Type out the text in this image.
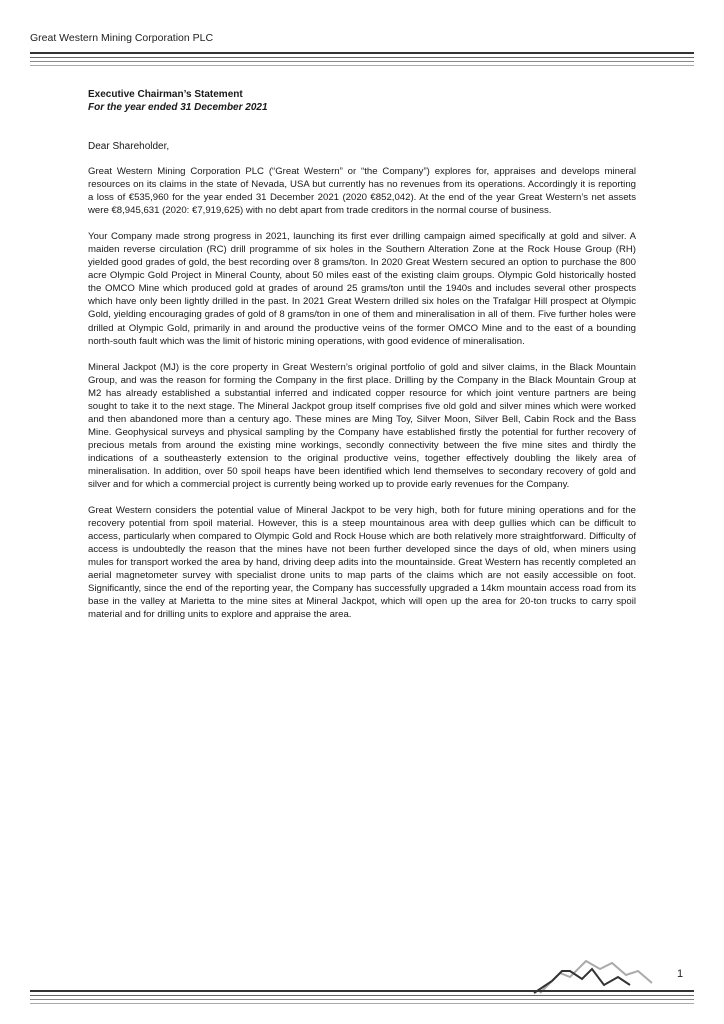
Great Western Mining Corporation PLC
Executive Chairman’s Statement
For the year ended 31 December 2021
Dear Shareholder,

Great Western Mining Corporation PLC (“Great Western” or “the Company”) explores for, appraises and develops mineral resources on its claims in the state of Nevada, USA but currently has no revenues from its operations. Accordingly it is reporting a loss of €535,960 for the year ended 31 December 2021 (2020 €852,042). At the end of the year Great Western’s net assets were €8,945,631 (2020: €7,919,625) with no debt apart from trade creditors in the normal course of business.

Your Company made strong progress in 2021, launching its first ever drilling campaign aimed specifically at gold and silver. A maiden reverse circulation (RC) drill programme of six holes in the Southern Alteration Zone at the Rock House Group (RH) yielded good grades of gold, the best recording over 8 grams/ton. In 2020 Great Western secured an option to purchase the 800 acre Olympic Gold Project in Mineral County, about 50 miles east of the existing claim groups. Olympic Gold historically hosted the OMCO Mine which produced gold at grades of around 25 grams/ton until the 1940s and includes several other prospects which have only been lightly drilled in the past. In 2021 Great Western drilled six holes on the Trafalgar Hill prospect at Olympic Gold, yielding encouraging grades of gold of 8 grams/ton in one of them and mineralisation in all of them. Five further holes were drilled at Olympic Gold, primarily in and around the productive veins of the former OMCO Mine and to the east of a bounding north-south fault which was the limit of historic mining operations, with good evidence of mineralisation.

Mineral Jackpot (MJ) is the core property in Great Western’s original portfolio of gold and silver claims, in the Black Mountain Group, and was the reason for forming the Company in the first place. Drilling by the Company in the Black Mountain Group at M2 has already established a substantial inferred and indicated copper resource for which joint venture partners are being sought to take it to the next stage. The Mineral Jackpot group itself comprises five old gold and silver mines which were worked and then abandoned more than a century ago. These mines are Ming Toy, Silver Moon, Silver Bell, Cabin Rock and the Bass Mine. Geophysical surveys and physical sampling by the Company have established firstly the potential for further recovery of precious metals from around the existing mine workings, secondly connectivity between the five mine sites and thirdly the indications of a southeasterly extension to the original productive veins, together effectively doubling the likely area of mineralisation. In addition, over 50 spoil heaps have been identified which lend themselves to secondary recovery of gold and silver and for which a commercial project is currently being worked up to provide early revenues for the Company.

Great Western considers the potential value of Mineral Jackpot to be very high, both for future mining operations and for the recovery potential from spoil material. However, this is a steep mountainous area with deep gullies which can be difficult to access, particularly when compared to Olympic Gold and Rock House which are both relatively more straightforward. Difficulty of access is undoubtedly the reason that the mines have not been further developed since the days of old, when miners using mules for transport worked the area by hand, driving deep adits into the mountainside. Great Western has recently completed an aerial magnetometer survey with specialist drone units to map parts of the claims which are not easily accessible on foot. Significantly, since the end of the reporting year, the Company has successfully upgraded a 14km mountain access road from its base in the valley at Marietta to the mine sites at Mineral Jackpot, which will open up the area for 20-ton trucks to carry spoil material and for drilling units to explore and appraise the area.

1
